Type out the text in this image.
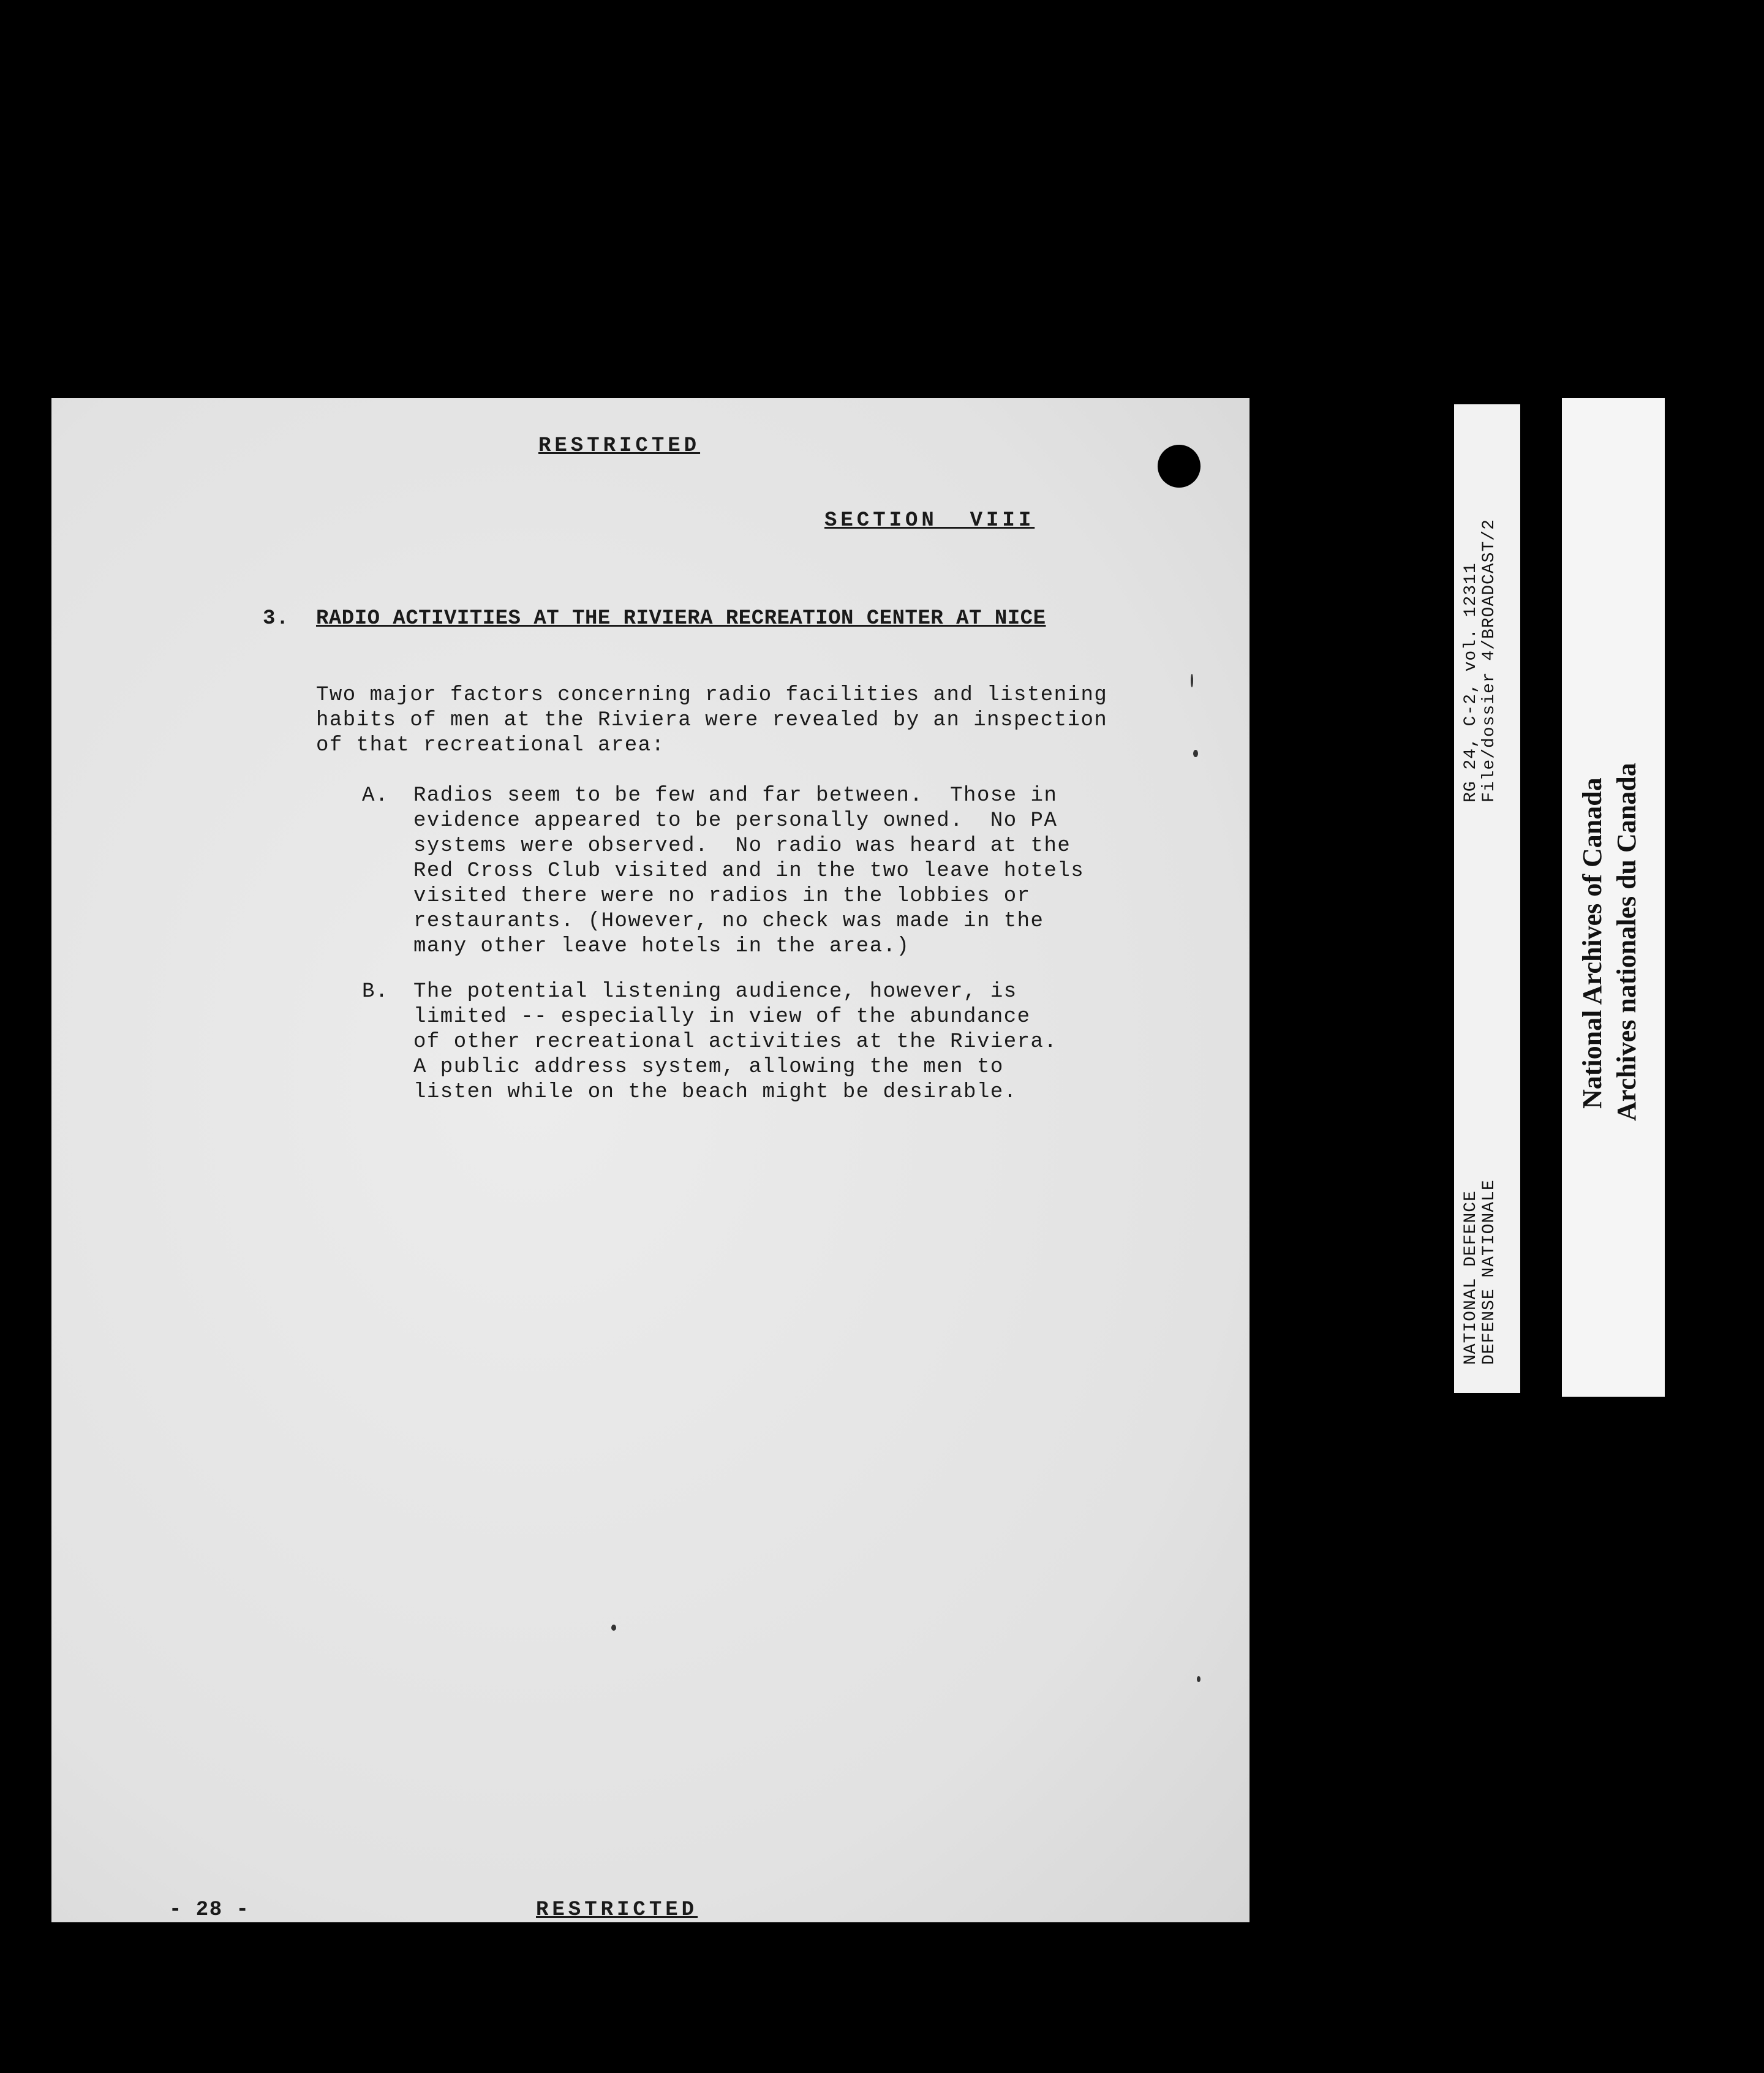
RESTRICTED
SECTION  VIII
3. RADIO ACTIVITIES AT THE RIVIERA RECREATION CENTER AT NICE
Two major factors concerning radio facilities and listening
habits of men at the Riviera were revealed by an inspection
of that recreational area:
A. Radios seem to be few and far between.  Those in
evidence appeared to be personally owned.  No PA
systems were observed.  No radio was heard at the
Red Cross Club visited and in the two leave hotels
visited there were no radios in the lobbies or
restaurants. (However, no check was made in the
many other leave hotels in the area.)
B. The potential listening audience, however, is
limited -- especially in view of the abundance
of other recreational activities at the Riviera.
A public address system, allowing the men to
listen while on the beach might be desirable.
- 28 -	RESTRICTED
RG 24, C-2, vol. 12311 File/dossier 4/BROADCAST/2
NATIONAL DEFENCE DEFENSE NATIONALE
National Archives of Canada Archives nationales du Canada
